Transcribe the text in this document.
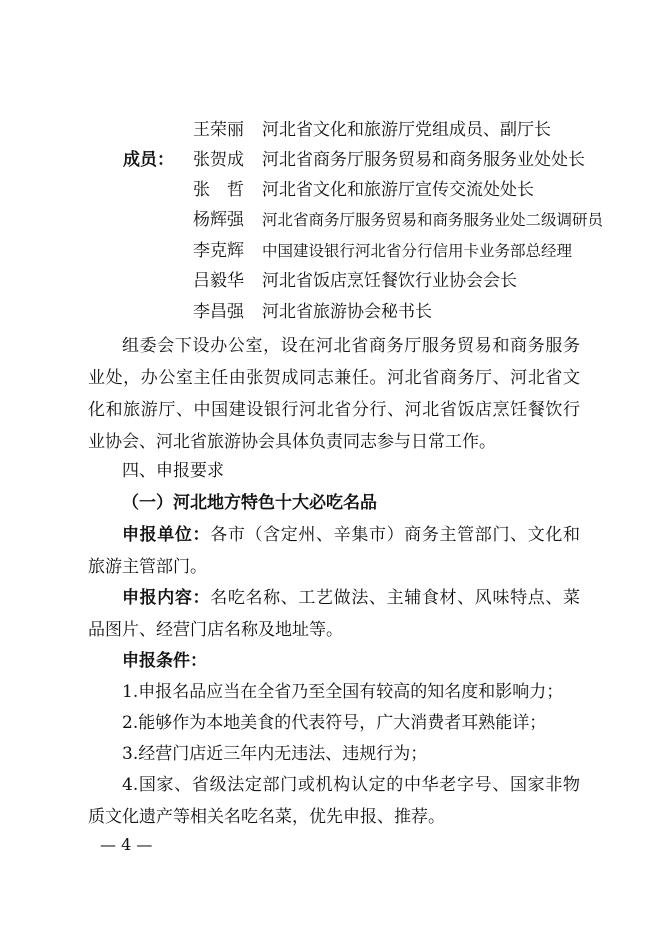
王荣丽 河北省文化和旅游厅党组成员、副厅长
成员： 张贺成 河北省商务厅服务贸易和商务服务业处处长
张　哲 河北省文化和旅游厅宣传交流处处长
杨辉强 河北省商务厅服务贸易和商务服务业处二级调研员
李克辉 中国建设银行河北省分行信用卡业务部总经理
吕毅华 河北省饭店烹饪餐饮行业协会会长
李昌强 河北省旅游协会秘书长
组委会下设办公室，设在河北省商务厅服务贸易和商务服务业处，办公室主任由张贺成同志兼任。河北省商务厅、河北省文化和旅游厅、中国建设银行河北省分行、河北省饭店烹饪餐饮行业协会、河北省旅游协会具体负责同志参与日常工作。
四、申报要求
（一）河北地方特色十大必吃名品
申报单位：各市（含定州、辛集市）商务主管部门、文化和旅游主管部门。
申报内容：名吃名称、工艺做法、主辅食材、风味特点、菜品图片、经营门店名称及地址等。
申报条件：
1.申报名品应当在全省乃至全国有较高的知名度和影响力；
2.能够作为本地美食的代表符号，广大消费者耳熟能详；
3.经营门店近三年内无违法、违规行为；
4.国家、省级法定部门或机构认定的中华老字号、国家非物质文化遗产等相关名吃名菜，优先申报、推荐。
— 4 —
